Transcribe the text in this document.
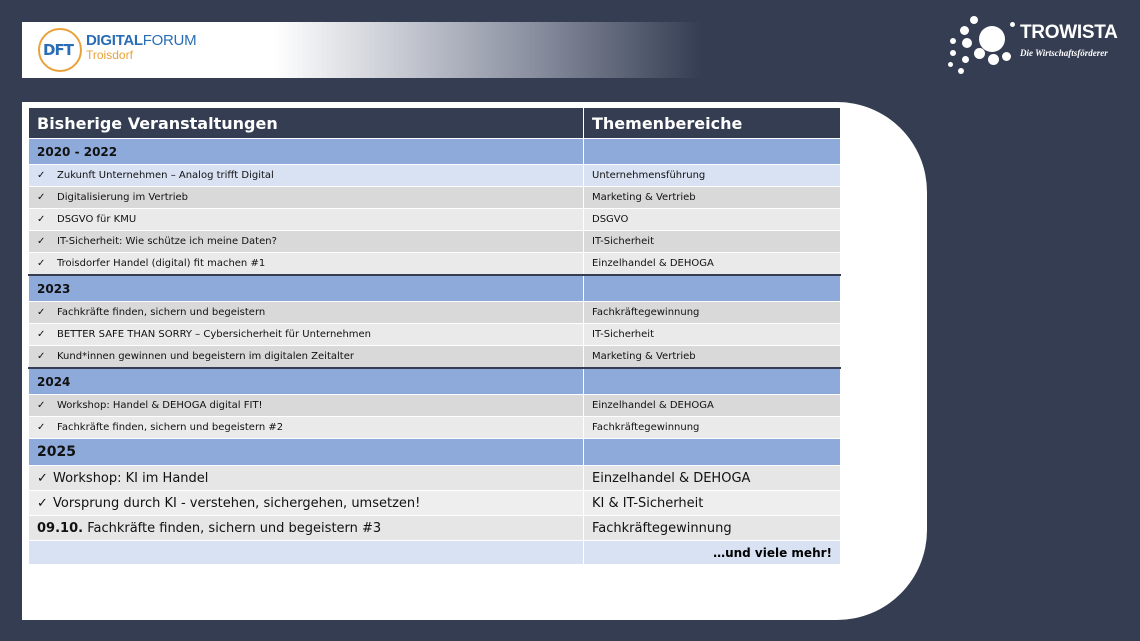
DFT
DIGITALFORUM
Troisdorf
TROWISTA
Die Wirtschaftsförderer
Bisherige Veranstaltungen	Themenbereiche
2020 - 2022	
✓ Zukunft Unternehmen – Analog trifft Digital	Unternehmensführung
✓ Digitalisierung im Vertrieb	Marketing & Vertrieb
✓ DSGVO für KMU	DSGVO
✓ IT-Sicherheit: Wie schütze ich meine Daten?	IT-Sicherheit
✓ Troisdorfer Handel (digital) fit machen #1	Einzelhandel & DEHOGA
2023	
✓ Fachkräfte finden, sichern und begeistern	Fachkräftegewinnung
✓ BETTER SAFE THAN SORRY – Cybersicherheit für Unternehmen	IT-Sicherheit
✓ Kund*innen gewinnen und begeistern im digitalen Zeitalter	Marketing & Vertrieb
2024	
✓ Workshop: Handel & DEHOGA digital FIT!	Einzelhandel & DEHOGA
✓ Fachkräfte finden, sichern und begeistern #2	Fachkräftegewinnung
2025	
✓ Workshop: KI im Handel	Einzelhandel & DEHOGA
✓ Vorsprung durch KI - verstehen, sichergehen, umsetzen!	KI & IT-Sicherheit
09.10. Fachkräfte finden, sichern und begeistern #3	Fachkräftegewinnung
	…und viele mehr!
